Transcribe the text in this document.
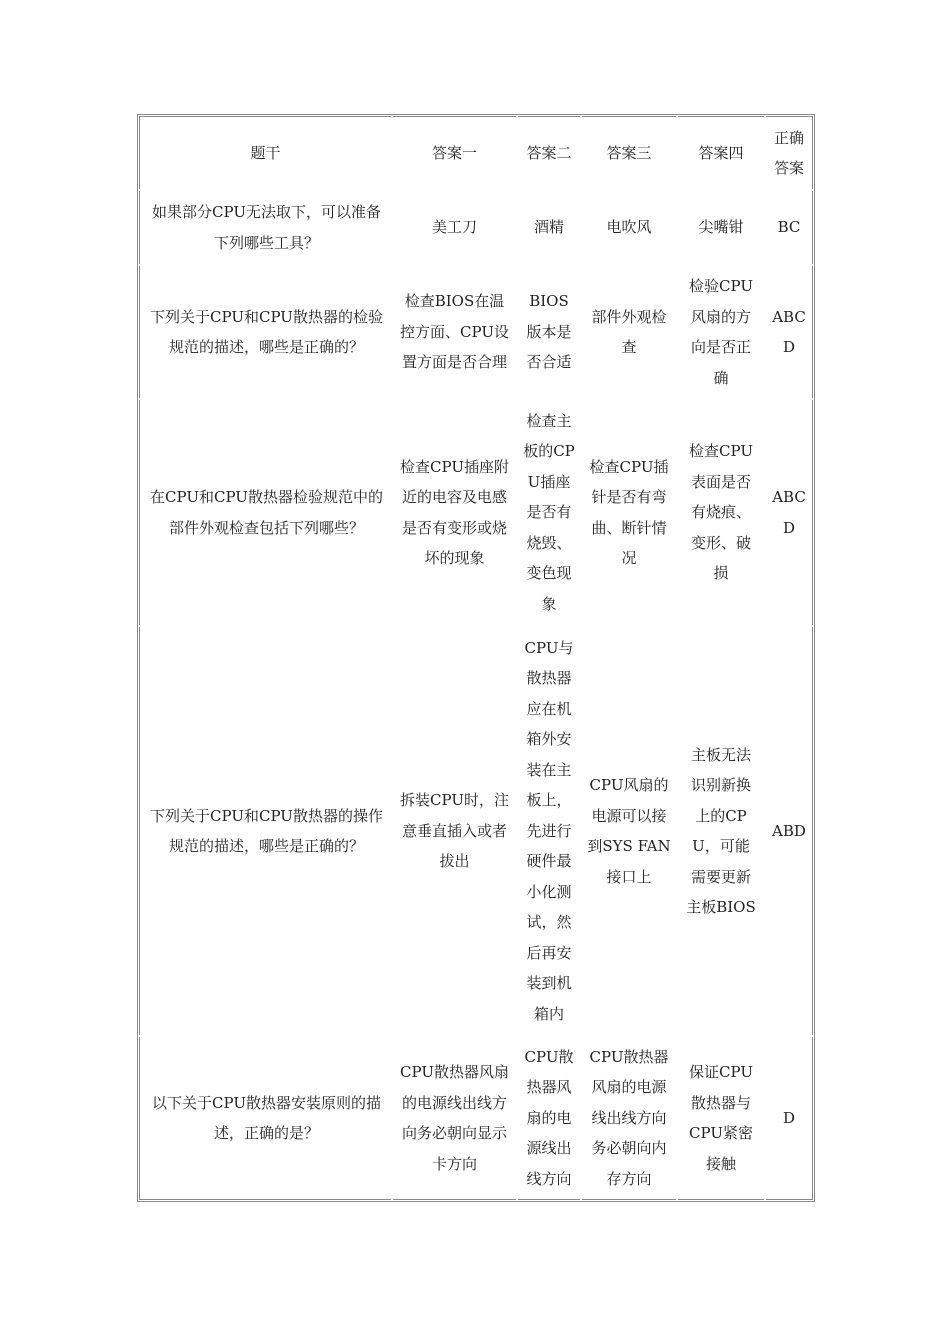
题干	答案一	答案二	答案三	答案四	正确答案
如果部分CPU无法取下，可以准备下列哪些工具？	美工刀	酒精	电吹风	尖嘴钳	BC
下列关于CPU和CPU散热器的检验规范的描述，哪些是正确的？	检查BIOS在温控方面、CPU设置方面是否合理	BIOS版本是否合适	部件外观检查	检验CPU风扇的方向是否正确	ABCD
在CPU和CPU散热器检验规范中的部件外观检查包括下列哪些？	检查CPU插座附近的电容及电感是否有变形或烧坏的现象	检查主板的CPU插座是否有烧毁、变色现象	检查CPU插针是否有弯曲、断针情况	检查CPU表面是否有烧痕、变形、破损	ABCD
下列关于CPU和CPU散热器的操作规范的描述，哪些是正确的？	拆装CPU时，注意垂直插入或者拔出	CPU与散热器应在机箱外安装在主板上，先进行硬件最小化测试，然后再安装到机箱内	CPU风扇的电源可以接到SYS FAN接口上	主板无法识别新换上的CPU，可能需要更新主板BIOS	ABD
以下关于CPU散热器安装原则的描述，正确的是？	CPU散热器风扇的电源线出线方向务必朝向显示卡方向	CPU散热器风扇的电源线出线方向	CPU散热器风扇的电源线出线方向务必朝向内存方向	保证CPU散热器与CPU紧密接触	D
